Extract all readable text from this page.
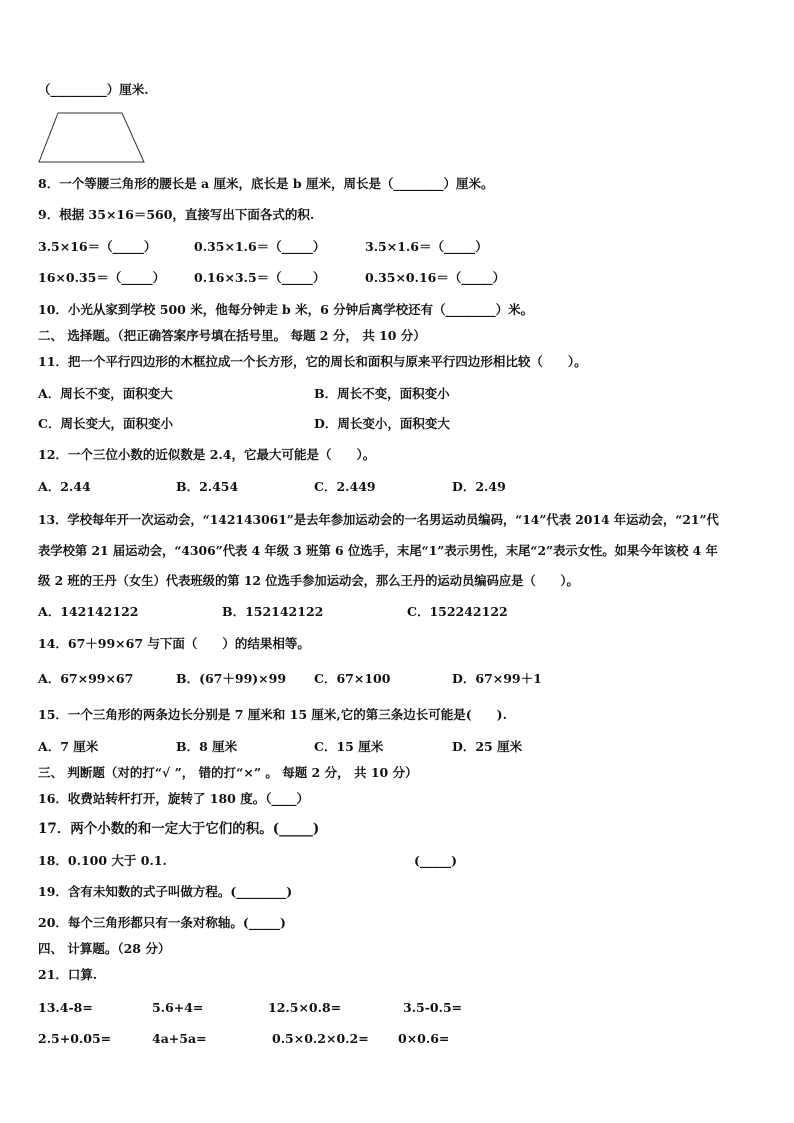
（_________）厘米.
8．一个等腰三角形的腰长是 a 厘米，底长是 b 厘米，周长是（________）厘米。
9．根据 35×16＝560，直接写出下面各式的积.
3.5×16＝（_____）	0.35×1.6＝（_____）	3.5×1.6＝（_____）
16×0.35＝（_____） 0.16×3.5＝（_____）	0.35×0.16＝（_____）
10．小光从家到学校 500 米，他每分钟走 b 米，6 分钟后离学校还有（________）米。
二、 选择题。（把正确答案序号填在括号里。 每题 2 分， 共 10 分）
11．把一个平行四边形的木框拉成一个长方形，它的周长和面积与原来平行四边形相比较（　　）。
A．周长不变，面积变大	B．周长不变，面积变小
C．周长变大，面积变小	D．周长变小，面积变大
12．一个三位小数的近似数是 2.4，它最大可能是（　　）。
A．2.44	B．2.454	C．2.449	D．2.49
13．学校每年开一次运动会，“142143061”是去年参加运动会的一名男运动员编码，“14”代表 2014 年运动会，“21”代
表学校第 21 届运动会，“4306”代表 4 年级 3 班第 6 位选手，末尾“1”表示男性，末尾“2”表示女性。如果今年该校 4 年
级 2 班的王丹（女生）代表班级的第 12 位选手参加运动会，那么王丹的运动员编码应是（　　）。
A．142142122	B．152142122	C．152242122
14．67＋99×67 与下面（　　）的结果相等。
A．67×99×67	B．(67＋99)×99 C．67×100	D．67×99＋1
15．一个三角形的两条边长分别是 7 厘米和 15 厘米,它的第三条边长可能是(　　).
A．7 厘米	B．8 厘米	C．15 厘米	D．25 厘米
三、 判断题（对的打“√ ”， 错的打“×” 。 每题 2 分， 共 10 分）
16．收费站转杆打开，旋转了 180 度。（____）
17．两个小数的和一定大于它们的积。(_____)
18．0.100 大于 0.1.	(_____)
19．含有未知数的式子叫做方程。(________)
20．每个三角形都只有一条对称轴。(_____)
四、 计算题。（28 分）
21．口算.
13.4-8=	5.6+4=	12.5×0.8=	3.5-0.5=
2.5+0.05=	4a+5a=	0.5×0.2×0.2= 0×0.6=
